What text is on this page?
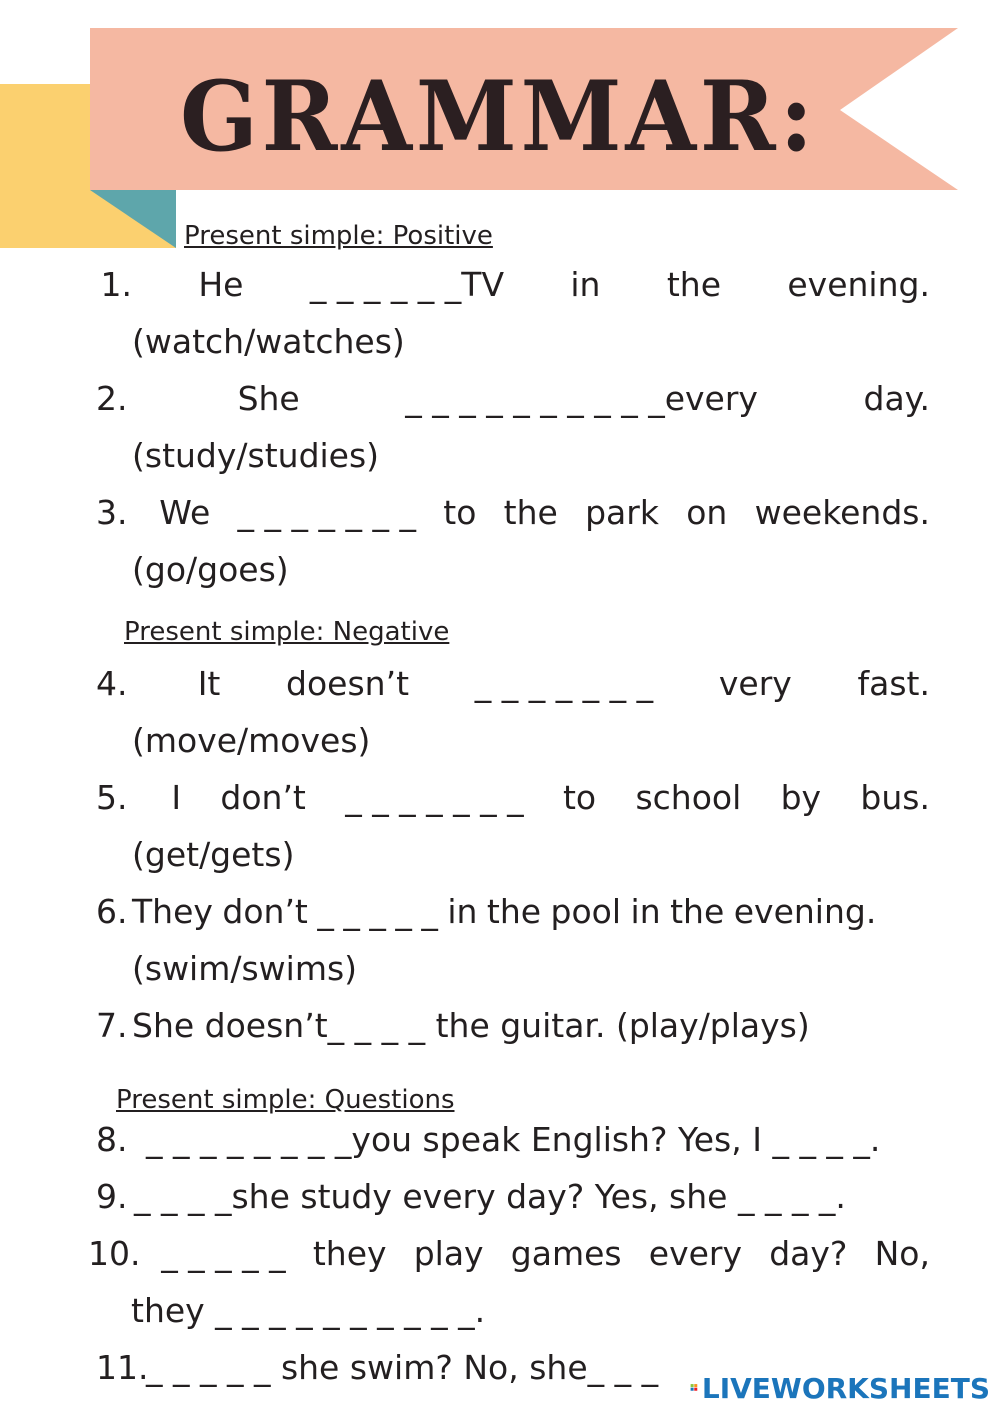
GRAMMAR:
Present simple: Positive
1. He _ _ _ _ _ _TV in the evening.
(watch/watches)
2.	She	_ _ _ _ _ _ _ _ _ _every	day.
(study/studies)
3. We _ _ _ _ _ _ _ to the park on weekends.
(go/goes)
Present simple: Negative
4. It doesn’t _ _ _ _ _ _ _ very fast.
(move/moves)
5. I don’t _ _ _ _ _ _ _ to school by bus.
(get/gets)
6. They don’t _ _ _ _ _ in the pool in the evening.
(swim/swims)
7. She doesn’t_ _ _ _ the guitar. (play/plays)
Present simple: Questions
8. _ _ _ _ _ _ _ _you speak English? Yes, I _ _ _ _.
9. _ _ _ _she study every day? Yes, she _ _ _ _.
10. _ _ _ _ _ they play games every day? No,
they _ _ _ _ _ _ _ _ _ _.
11.
_ _ _ _ _ she swim? No, she_ _ _
LIVEWORKSHEETS
